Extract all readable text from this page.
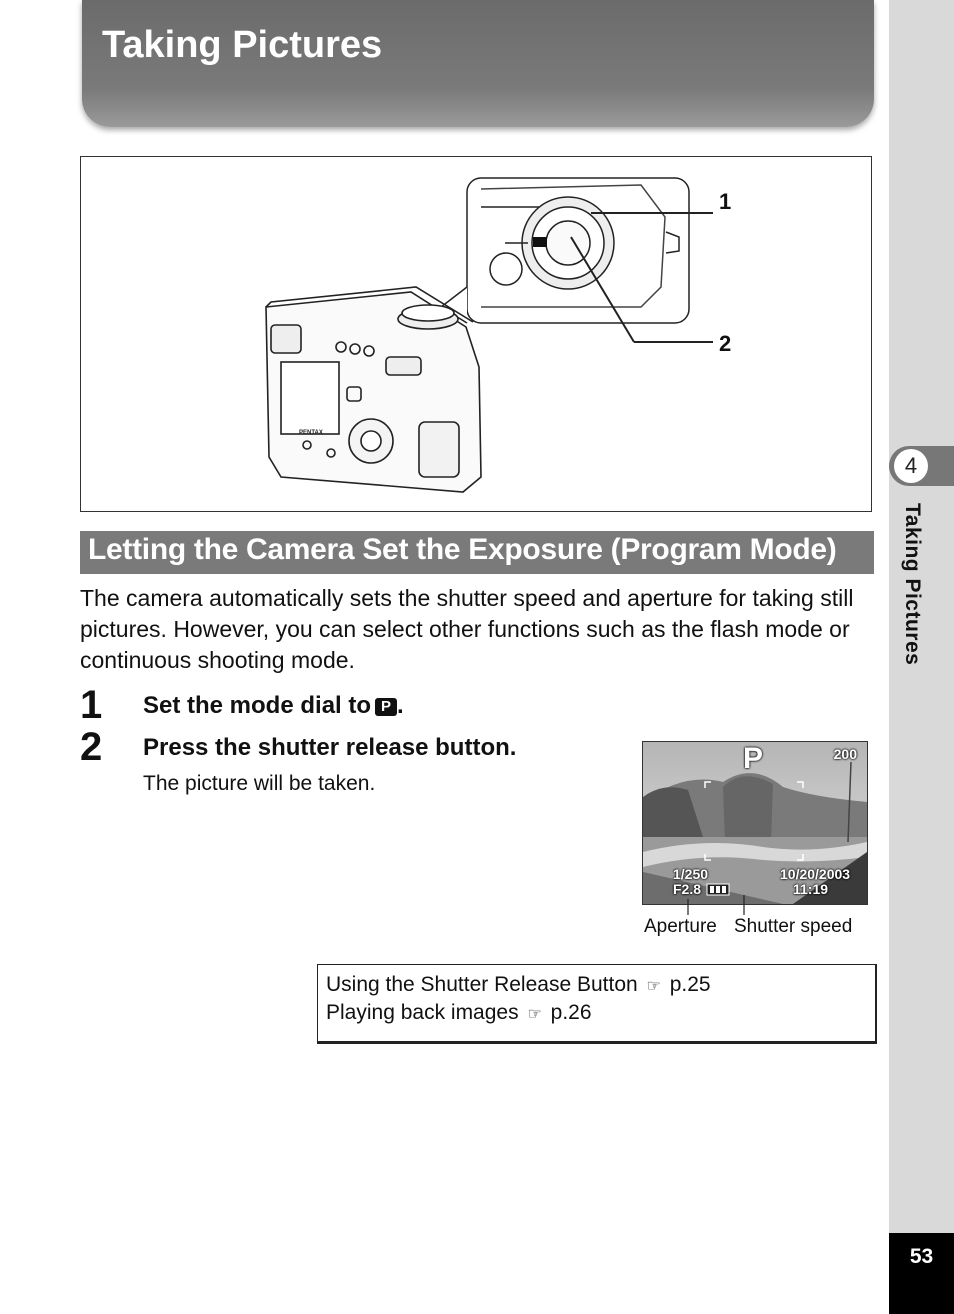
4
Taking Pictures
53
Taking Pictures
PENTAX
1
2
Letting the Camera Set the Exposure (Program Mode)
The camera automatically sets the shutter speed and aperture for taking still pictures. However, you can select other functions such as the flash mode or continuous shooting mode.
1 Set the mode dial to P .
2 Press the shutter release button.
The picture will be taken.
P	200
1/250
F2.8
10/20/2003
11:19
Aperture Shutter speed
Using the Shutter Release Button ☞ p.25
Playing back images ☞ p.26
